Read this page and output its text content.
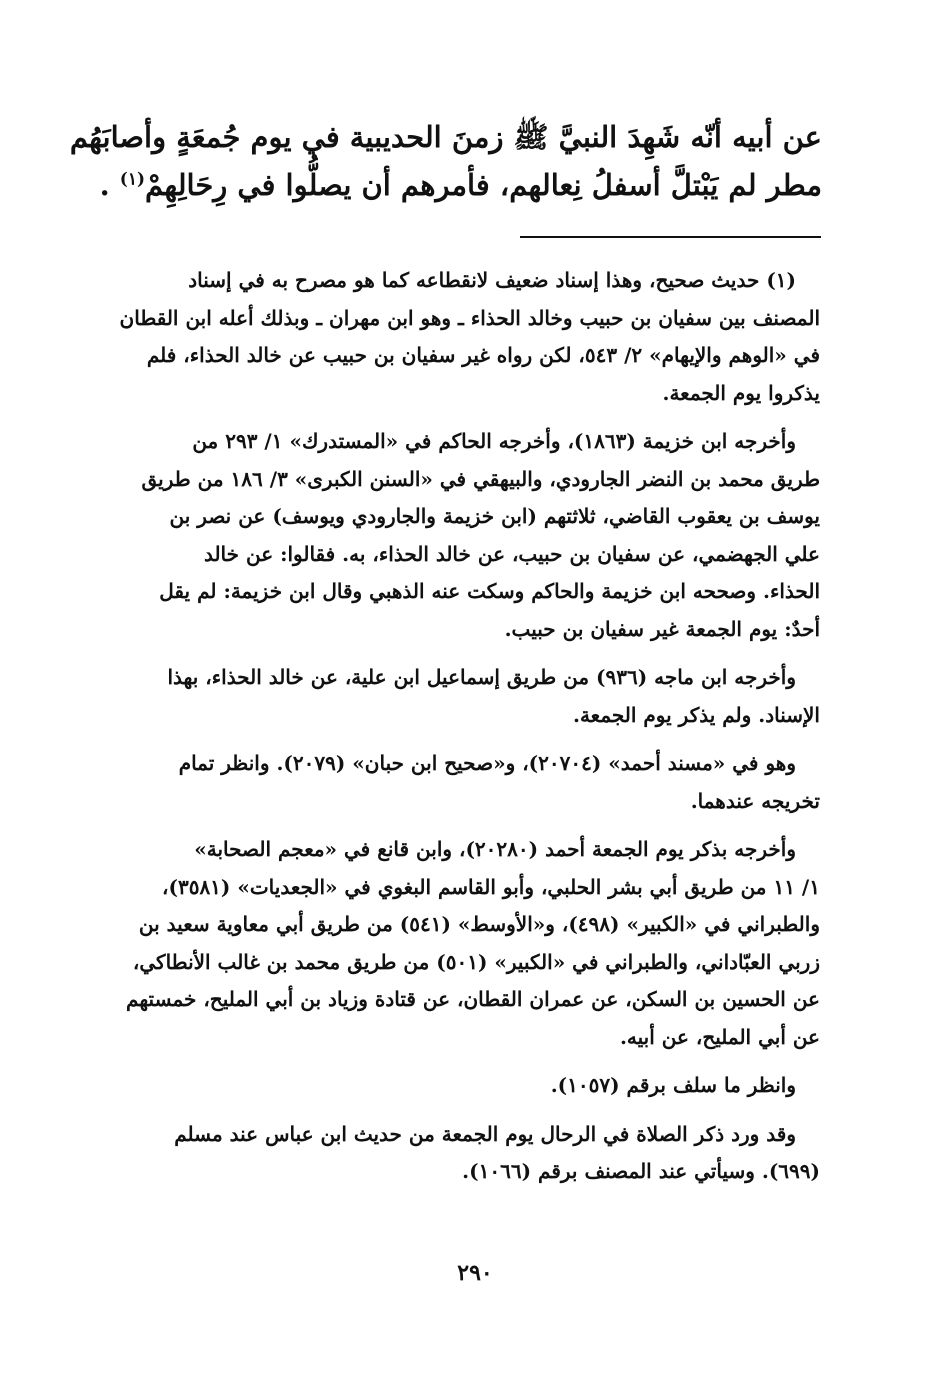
عن أبيه أنّه شَهِدَ النبيَّ ﷺ زمنَ الحديبية في يوم جُمعَةٍ وأصابَهُم
مطر لم يَبْتلَّ أسفلُ نِعالهم، فأمرهم أن يصلُّوا في رِحَالِهِمْ$^{(١)}$ .
(١) حديث صحيح، وهذا إسناد ضعيف لانقطاعه كما هو مصرح به في إسناد
المصنف بين سفيان بن حبيب وخالد الحذاء ـ وهو ابن مهران ـ وبذلك أعله ابن القطان
في «الوهم والإيهام» ٢/ ٥٤٣، لكن رواه غير سفيان بن حبيب عن خالد الحذاء، فلم
يذكروا يوم الجمعة.
وأخرجه ابن خزيمة (١٨٦٣)، وأخرجه الحاكم في «المستدرك» ١/ ٢٩٣ من
طريق محمد بن النضر الجارودي، والبيهقي في «السنن الكبرى» ٣/ ١٨٦ من طريق
يوسف بن يعقوب القاضي، ثلاثتهم (ابن خزيمة والجارودي ويوسف) عن نصر بن
علي الجهضمي، عن سفيان بن حبيب، عن خالد الحذاء، به. فقالوا: عن خالد
الحذاء. وصححه ابن خزيمة والحاكم وسكت عنه الذهبي وقال ابن خزيمة: لم يقل
أحدٌ: يوم الجمعة غير سفيان بن حبيب.
وأخرجه ابن ماجه (٩٣٦) من طريق إسماعيل ابن علية، عن خالد الحذاء، بهذا
الإسناد. ولم يذكر يوم الجمعة.
وهو في «مسند أحمد» (٢٠٧٠٤)، و«صحيح ابن حبان» (٢٠٧٩). وانظر تمام
تخريجه عندهما.
وأخرجه بذكر يوم الجمعة أحمد (٢٠٢٨٠)، وابن قانع في «معجم الصحابة»
١/ ١١ من طريق أبي بشر الحلبي، وأبو القاسم البغوي في «الجعديات» (٣٥٨١)،
والطبراني في «الكبير» (٤٩٨)، و«الأوسط» (٥٤١) من طريق أبي معاوية سعيد بن
زربي العبّاداني، والطبراني في «الكبير» (٥٠١) من طريق محمد بن غالب الأنطاكي،
عن الحسين بن السكن، عن عمران القطان، عن قتادة وزياد بن أبي المليح، خمستهم
عن أبي المليح، عن أبيه.
وانظر ما سلف برقم (١٠٥٧).
وقد ورد ذكر الصلاة في الرحال يوم الجمعة من حديث ابن عباس عند مسلم
(٦٩٩). وسيأتي عند المصنف برقم (١٠٦٦).
٢٩٠
